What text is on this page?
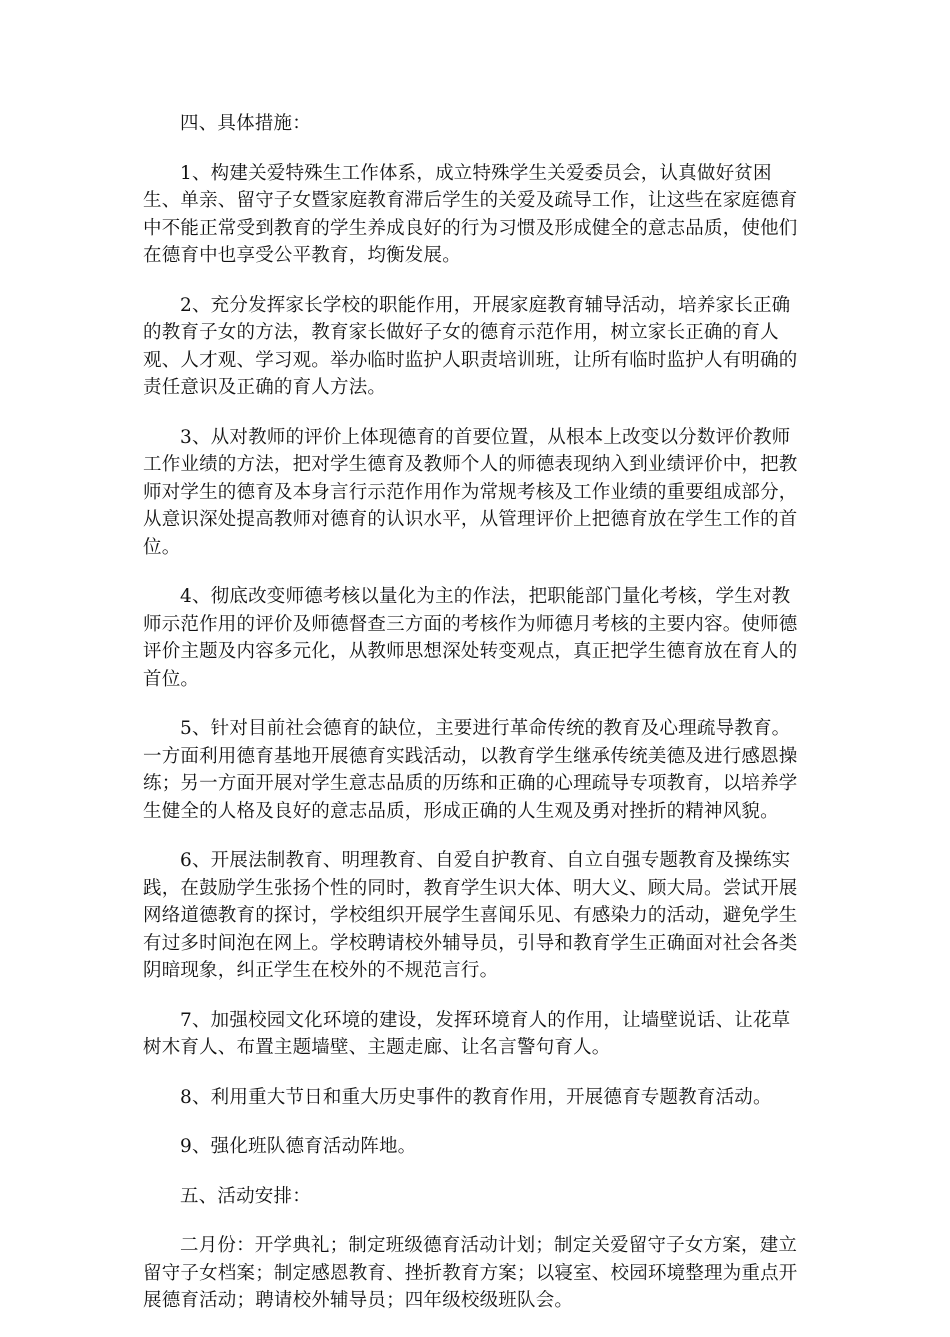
四、具体措施：

1、构建关爱特殊生工作体系，成立特殊学生关爱委员会，认真做好贫困生、单亲、留守子女暨家庭教育滞后学生的关爱及疏导工作，让这些在家庭德育中不能正常受到教育的学生养成良好的行为习惯及形成健全的意志品质，使他们在德育中也享受公平教育，均衡发展。

2、充分发挥家长学校的职能作用，开展家庭教育辅导活动，培养家长正确的教育子女的方法，教育家长做好子女的德育示范作用，树立家长正确的育人观、人才观、学习观。举办临时监护人职责培训班，让所有临时监护人有明确的责任意识及正确的育人方法。

3、从对教师的评价上体现德育的首要位置，从根本上改变以分数评价教师工作业绩的方法，把对学生德育及教师个人的师德表现纳入到业绩评价中，把教师对学生的德育及本身言行示范作用作为常规考核及工作业绩的重要组成部分，从意识深处提高教师对德育的认识水平，从管理评价上把德育放在学生工作的首位。

4、彻底改变师德考核以量化为主的作法，把职能部门量化考核，学生对教师示范作用的评价及师德督查三方面的考核作为师德月考核的主要内容。使师德评价主题及内容多元化，从教师思想深处转变观点，真正把学生德育放在育人的首位。

5、针对目前社会德育的缺位，主要进行革命传统的教育及心理疏导教育。一方面利用德育基地开展德育实践活动，以教育学生继承传统美德及进行感恩操练；另一方面开展对学生意志品质的历练和正确的心理疏导专项教育，以培养学生健全的人格及良好的意志品质，形成正确的人生观及勇对挫折的精神风貌。

6、开展法制教育、明理教育、自爱自护教育、自立自强专题教育及操练实践，在鼓励学生张扬个性的同时，教育学生识大体、明大义、顾大局。尝试开展网络道德教育的探讨，学校组织开展学生喜闻乐见、有感染力的活动，避免学生有过多时间泡在网上。学校聘请校外辅导员，引导和教育学生正确面对社会各类阴暗现象，纠正学生在校外的不规范言行。

7、加强校园文化环境的建设，发挥环境育人的作用，让墙壁说话、让花草树木育人、布置主题墙壁、主题走廊、让名言警句育人。

8、利用重大节日和重大历史事件的教育作用，开展德育专题教育活动。

9、强化班队德育活动阵地。

五、活动安排：

二月份：开学典礼；制定班级德育活动计划；制定关爱留守子女方案，建立留守子女档案；制定感恩教育、挫折教育方案；以寝室、校园环境整理为重点开展德育活动；聘请校外辅导员；四年级校级班队会。
